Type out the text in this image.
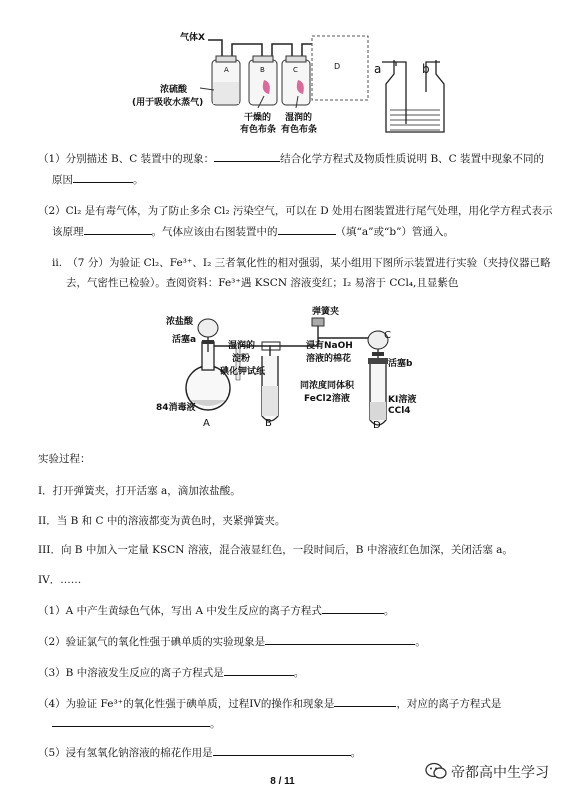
气体X
A	B	C	D
浓硫酸
(用于吸收水蒸气)
干燥的
有色布条
湿润的
有色布条
a	b
（1）分别描述 B、C 装置中的现象：	结合化学方程式及物质性质说明 B、C 装置中现象不同的
原因	。
（2）Cl₂ 是有毒气体，为了防止多余 Cl₂ 污染空气，可以在 D 处用右图装置进行尾气处理，用化学方程式表示
该原理	。气体应该由右图装置中的	（填“a”或“b”）管通入。
ii.　（7 分）为验证 Cl₂、Fe³⁺、I₂ 三者氧化性的相对强弱，某小组用下图所示装置进行实验（夹持仪器已略
去，气密性已检验）。查阅资料：Fe³⁺遇 KSCN 溶液变红；I₂ 易溶于 CCl₄,且显紫色
浓盐酸
活塞a
湿润的
淀粉
碘化钾试纸
84消毒液
弹簧夹
浸有NaOH
溶液的棉花
同浓度同体积
FeCl2溶液
活塞b
KI溶液
CCl4
A	B
C
D
实验过程：
I．打开弹簧夹，打开活塞 a，滴加浓盐酸。
II．当 B 和 C 中的溶液都变为黄色时，夹紧弹簧夹。
III．向 B 中加入一定量 KSCN 溶液，混合液显红色，一段时间后，B 中溶液红色加深，关闭活塞 a。
IV．……
（1）A 中产生黄绿色气体，写出 A 中发生反应的离子方程式	。
（2）验证氯气的氧化性强于碘单质的实验现象是	。
（3）B 中溶液发生反应的离子方程式是	。
（4）为验证 Fe³⁺的氧化性强于碘单质，过程IV的操作和现象是	，对应的离子方程式是
。
（5）浸有氢氧化钠溶液的棉花作用是	。
8 / 11
帝都高中生学习
